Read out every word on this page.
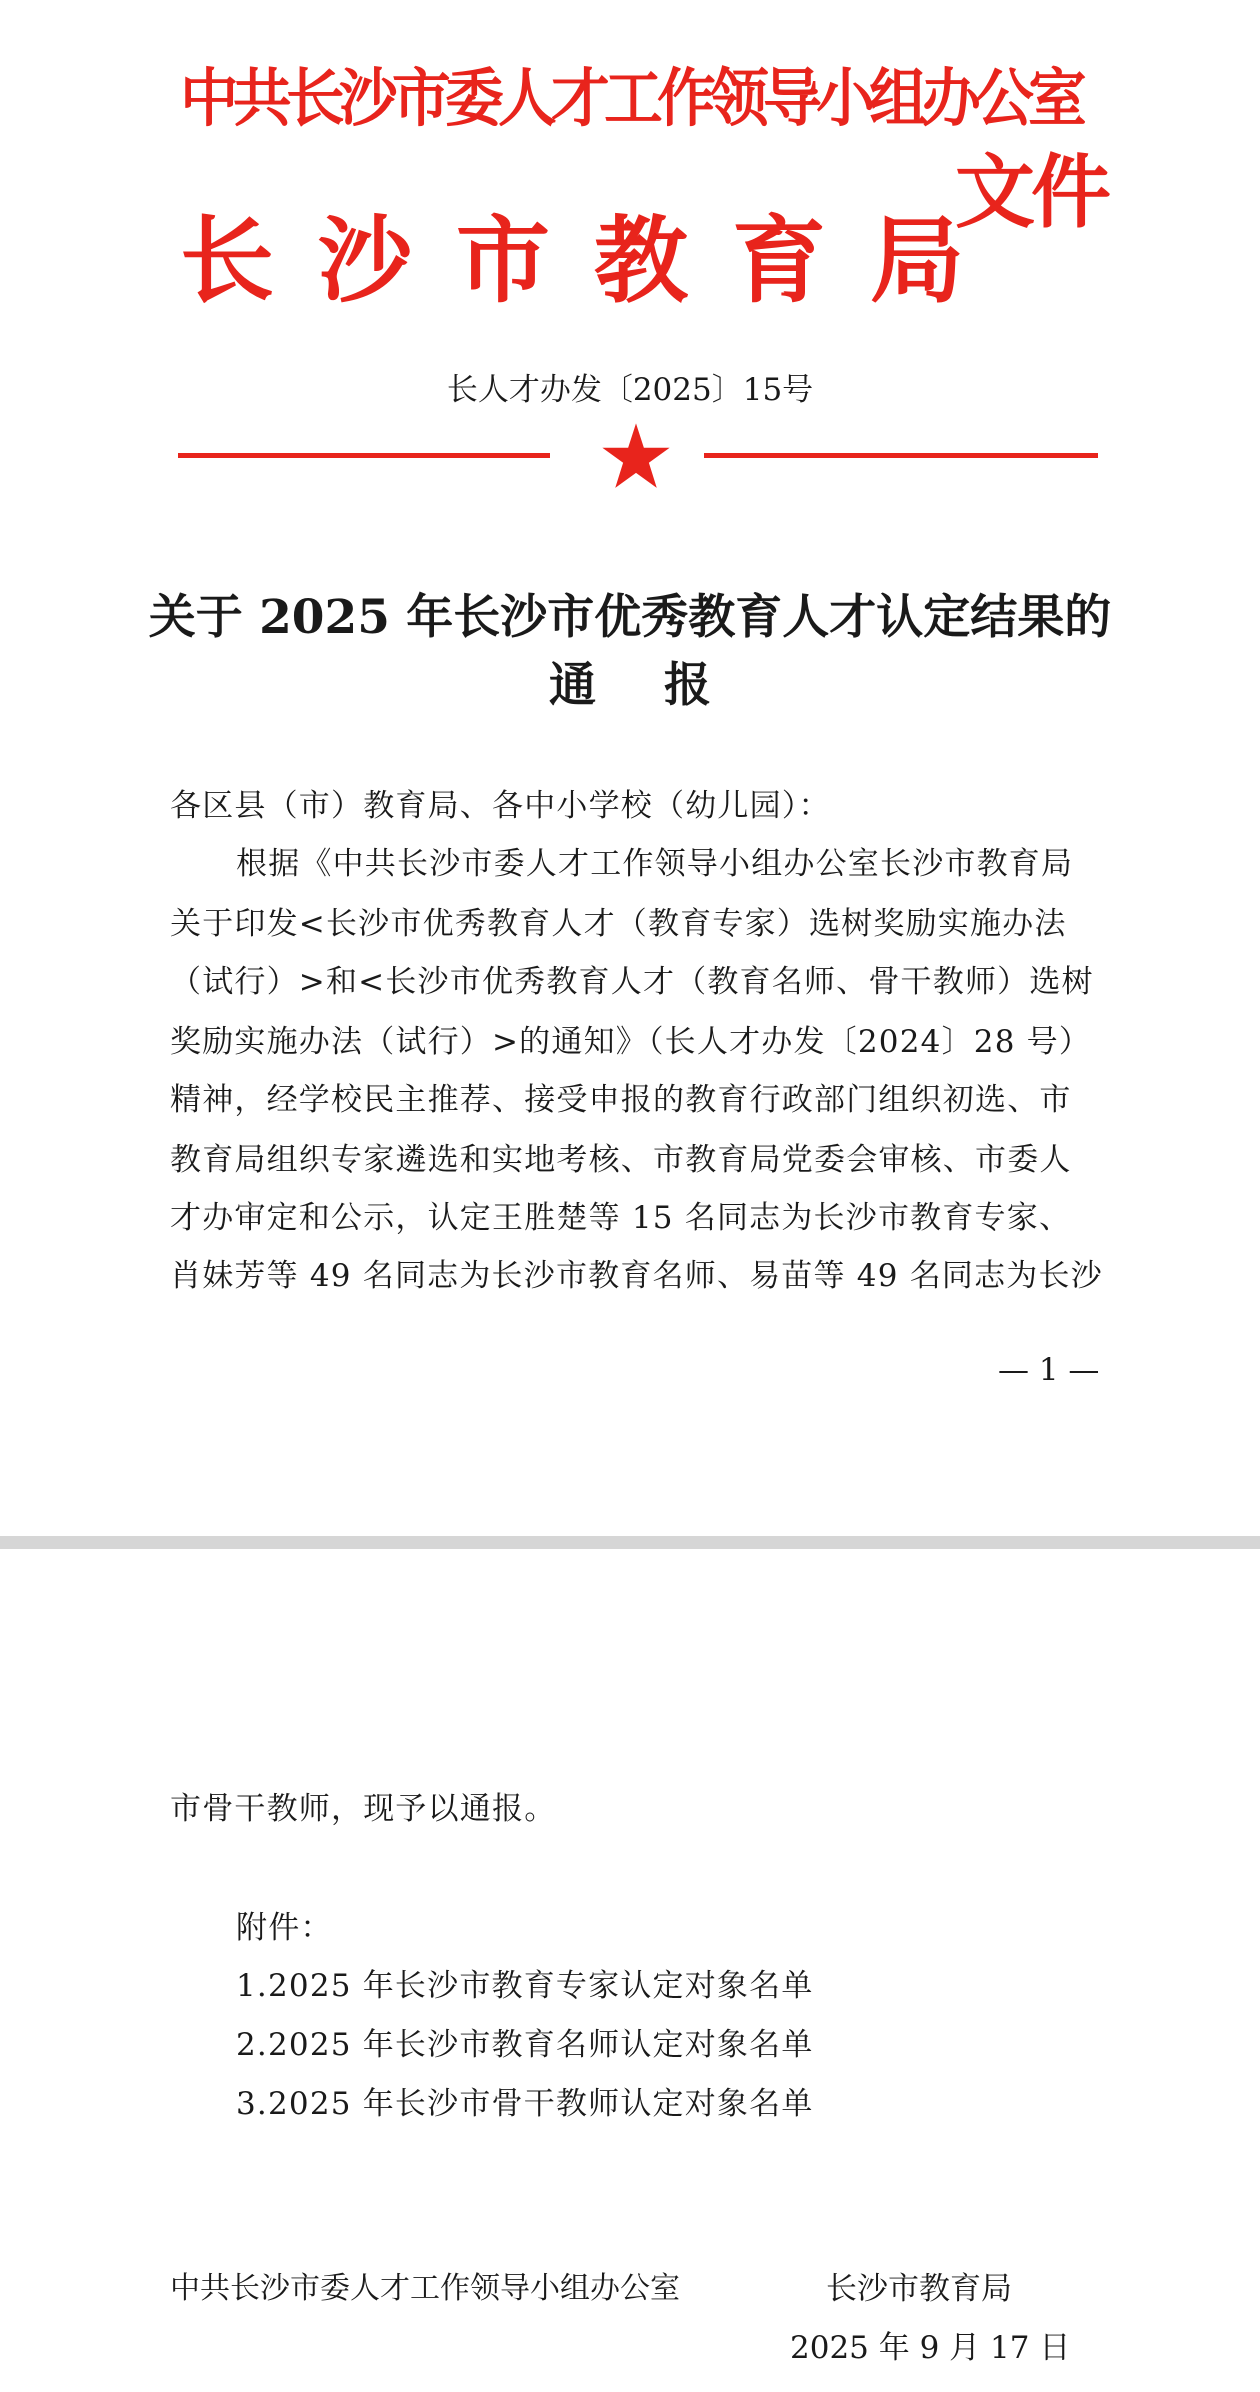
中共长沙市委人才工作领导小组办公室
长沙市教育局
文件
长人才办发〔2025〕15号
关于 2025 年长沙市优秀教育人才认定结果的
通报
各区县（市）教育局、各中小学校（幼儿园）：
根据《中共长沙市委人才工作领导小组办公室长沙市教育局
关于印发<长沙市优秀教育人才（教育专家）选树奖励实施办法
（试行）>和<长沙市优秀教育人才（教育名师、骨干教师）选树
奖励实施办法（试行）>的通知》（长人才办发〔2024〕28 号）
精神，经学校民主推荐、接受申报的教育行政部门组织初选、市
教育局组织专家遴选和实地考核、市教育局党委会审核、市委人
才办审定和公示，认定王胜楚等 15 名同志为长沙市教育专家、
肖妹芳等 49 名同志为长沙市教育名师、易苗等 49 名同志为长沙
— 1 —
市骨干教师，现予以通报。
附件：
1.2025 年长沙市教育专家认定对象名单
2.2025 年长沙市教育名师认定对象名单
3.2025 年长沙市骨干教师认定对象名单
中共长沙市委人才工作领导小组办公室	长沙市教育局
2025 年 9 月 17 日
